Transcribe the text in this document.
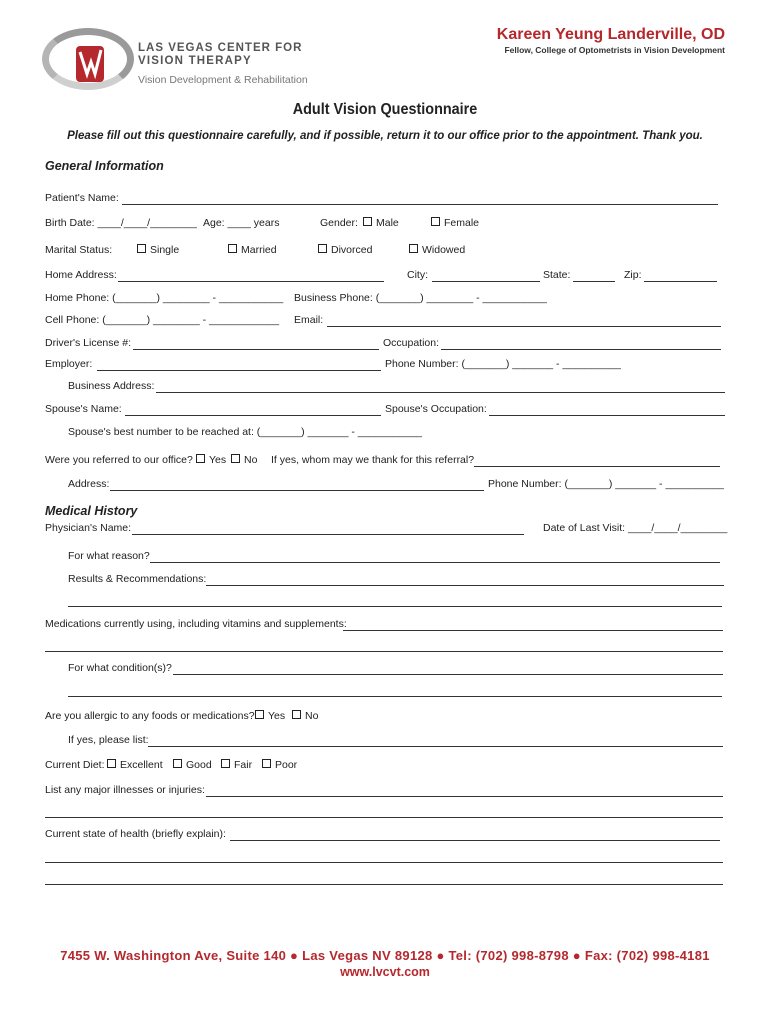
LAS VEGAS CENTER FOR
VISION THERAPY
Vision Development & Rehabilitation
Kareen Yeung Landerville, OD
Fellow, College of Optometrists in Vision Development
Adult Vision Questionnaire
Please fill out this questionnaire carefully, and if possible, return it to our office prior to the appointment. Thank you.
General Information
Patient's Name:
Birth Date: ____/____/________ Age: ____ years	Gender:	Male	Female
Marital Status:	Single	Married	Divorced	Widowed
Home Address:	City:	State:	Zip:
Home Phone: (_______) ________ - ___________ Business Phone: (_______) ________ - ___________
Cell Phone: (_______) ________ - ____________ Email:
Driver's License #:	Occupation:
Employer:	Phone Number: (_______) _______ - __________
Business Address:
Spouse's Name:	Spouse's Occupation:
Spouse's best number to be reached at: (_______) _______ - ___________
Were you referred to our office?	Yes	No If yes, whom may we thank for this referral?
Address:	Phone Number: (_______) _______ - __________
Medical History
Physician's Name:	Date of Last Visit: ____/____/________
For what reason?
Results & Recommendations:
Medications currently using, including vitamins and supplements:
For what condition(s)?
Are you allergic to any foods or medications?	Yes	No
If yes, please list:
Current Diet:	Excellent	Good	Fair	Poor
List any major illnesses or injuries:
Current state of health (briefly explain):
7455 W. Washington Ave, Suite 140 ● Las Vegas NV 89128 ● Tel: (702) 998-8798 ● Fax: (702) 998-4181
www.lvcvt.com
